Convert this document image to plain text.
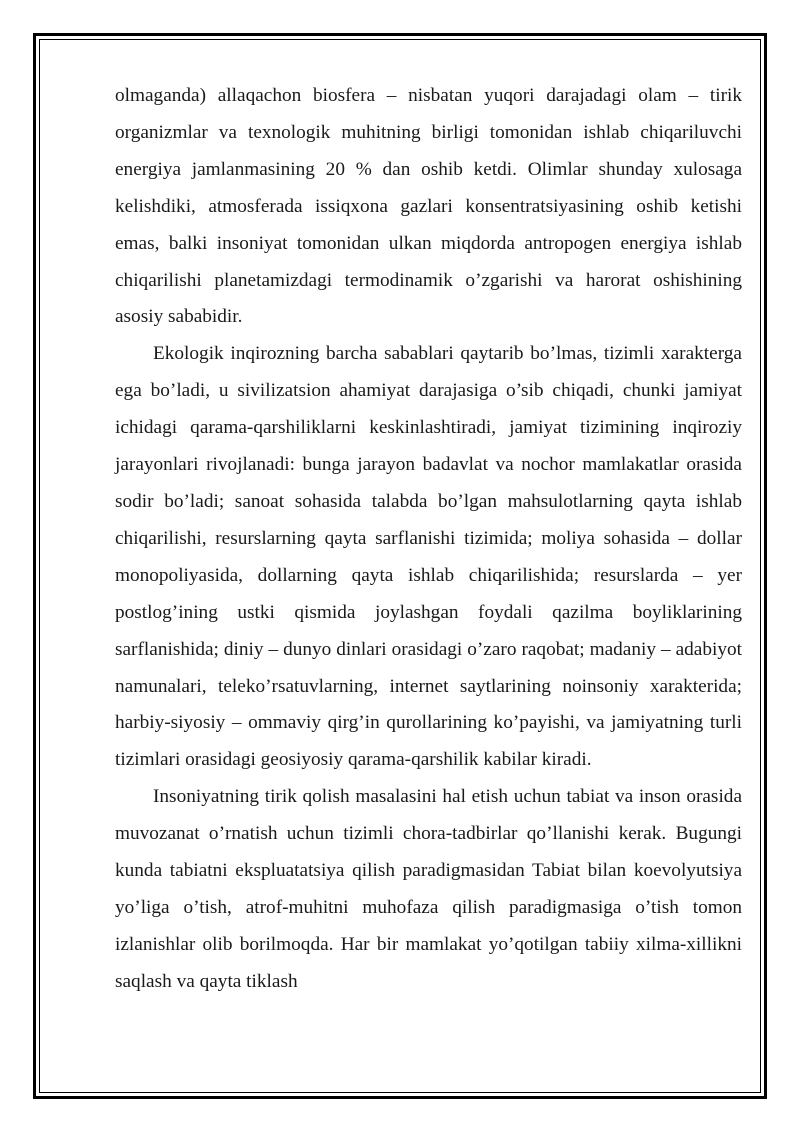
olmaganda) allaqachon biosfera – nisbatan yuqori darajadagi olam – tirik organizmlar va texnologik muhitning birligi tomonidan ishlab chiqariluvchi energiya jamlanmasining 20 % dan oshib ketdi. Olimlar shunday xulosaga kelishdiki, atmosferada issiqxona gazlari konsentratsiyasining oshib ketishi emas, balki insoniyat tomonidan ulkan miqdorda antropogen energiya ishlab chiqarilishi planetamizdagi termodinamik o’zgarishi va harorat oshishining asosiy sababidir.

Ekologik inqirozning barcha sabablari qaytarib bo’lmas, tizimli xarakterga ega bo’ladi, u sivilizatsion ahamiyat darajasiga o’sib chiqadi, chunki jamiyat ichidagi qarama-qarshiliklarni keskinlashtiradi, jamiyat tizimining inqiroziy jarayonlari rivojlanadi: bunga jarayon badavlat va nochor mamlakatlar orasida sodir bo’ladi; sanoat sohasida talabda bo’lgan mahsulotlarning qayta ishlab chiqarilishi, resurslarning qayta sarflanishi tizimida; moliya sohasida – dollar monopoliyasida, dollarning qayta ishlab chiqarilishida; resurslarda – yer postlog’ining ustki qismida joylashgan foydali qazilma boyliklarining sarflanishida; diniy – dunyo dinlari orasidagi o’zaro raqobat; madaniy – adabiyot namunalari, teleko’rsatuvlarning, internet saytlarining noinsoniy xarakterida; harbiy-siyosiy – ommaviy qirg’in qurollarining ko’payishi, va jamiyatning turli tizimlari orasidagi geosiyosiy qarama-qarshilik kabilar kiradi.

Insoniyatning tirik qolish masalasini hal etish uchun tabiat va inson orasida muvozanat o’rnatish uchun tizimli chora-tadbirlar qo’llanishi kerak. Bugungi kunda tabiatni ekspluatatsiya qilish paradigmasidan Tabiat bilan koevolyutsiya yo’liga o’tish, atrof-muhitni muhofaza qilish paradigmasiga o’tish tomon izlanishlar olib borilmoqda. Har bir mamlakat yo’qotilgan tabiiy xilma-xillikni saqlash va qayta tiklash
